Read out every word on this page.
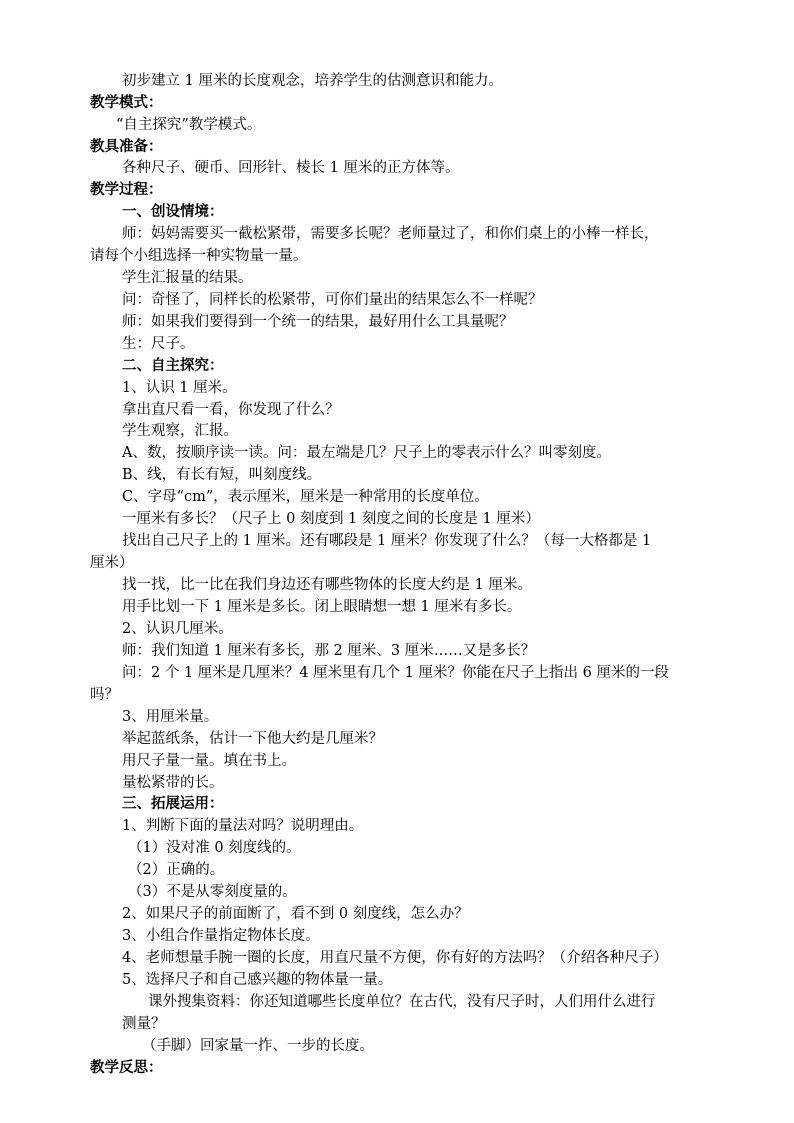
初步建立 1 厘米的长度观念，培养学生的估测意识和能力。
教学模式：
“自主探究”教学模式。
教具准备：
各种尺子、硬币、回形针、棱长 1 厘米的正方体等。
教学过程：
一、创设情境：
师：妈妈需要买一截松紧带，需要多长呢？老师量过了，和你们桌上的小棒一样长，
请每个小组选择一种实物量一量。
学生汇报量的结果。
问：奇怪了，同样长的松紧带，可你们量出的结果怎么不一样呢？
师：如果我们要得到一个统一的结果，最好用什么工具量呢？
生：尺子。
二、自主探究：
1、认识 1 厘米。
拿出直尺看一看，你发现了什么？
学生观察，汇报。
A、数，按顺序读一读。问：最左端是几？尺子上的零表示什么？叫零刻度。
B、线，有长有短，叫刻度线。
C、字母“cm”，表示厘米，厘米是一种常用的长度单位。
一厘米有多长？（尺子上 0 刻度到 1 刻度之间的长度是 1 厘米）
找出自己尺子上的 1 厘米。还有哪段是 1 厘米？你发现了什么？（每一大格都是 1
厘米）
找一找，比一比在我们身边还有哪些物体的长度大约是 1 厘米。
用手比划一下 1 厘米是多长。闭上眼睛想一想 1 厘米有多长。
2、认识几厘米。
师：我们知道 1 厘米有多长，那 2 厘米、3 厘米……又是多长？
问：2 个 1 厘米是几厘米？4 厘米里有几个 1 厘米？你能在尺子上指出 6 厘米的一段
吗？
3、用厘米量。
举起蓝纸条，估计一下他大约是几厘米？
用尺子量一量。填在书上。
量松紧带的长。
三、拓展运用：
1、判断下面的量法对吗？说明理由。
（1）没对准 0 刻度线的。
（2）正确的。
（3）不是从零刻度量的。
2、如果尺子的前面断了，看不到 0 刻度线，怎么办？
3、小组合作量指定物体长度。
4、老师想量手腕一圈的长度，用直尺量不方便，你有好的方法吗？（介绍各种尺子）
5、选择尺子和自己感兴趣的物体量一量。
课外搜集资料：你还知道哪些长度单位？在古代，没有尺子时，人们用什么进行
测量？
（手脚）回家量一拃、一步的长度。
教学反思：
